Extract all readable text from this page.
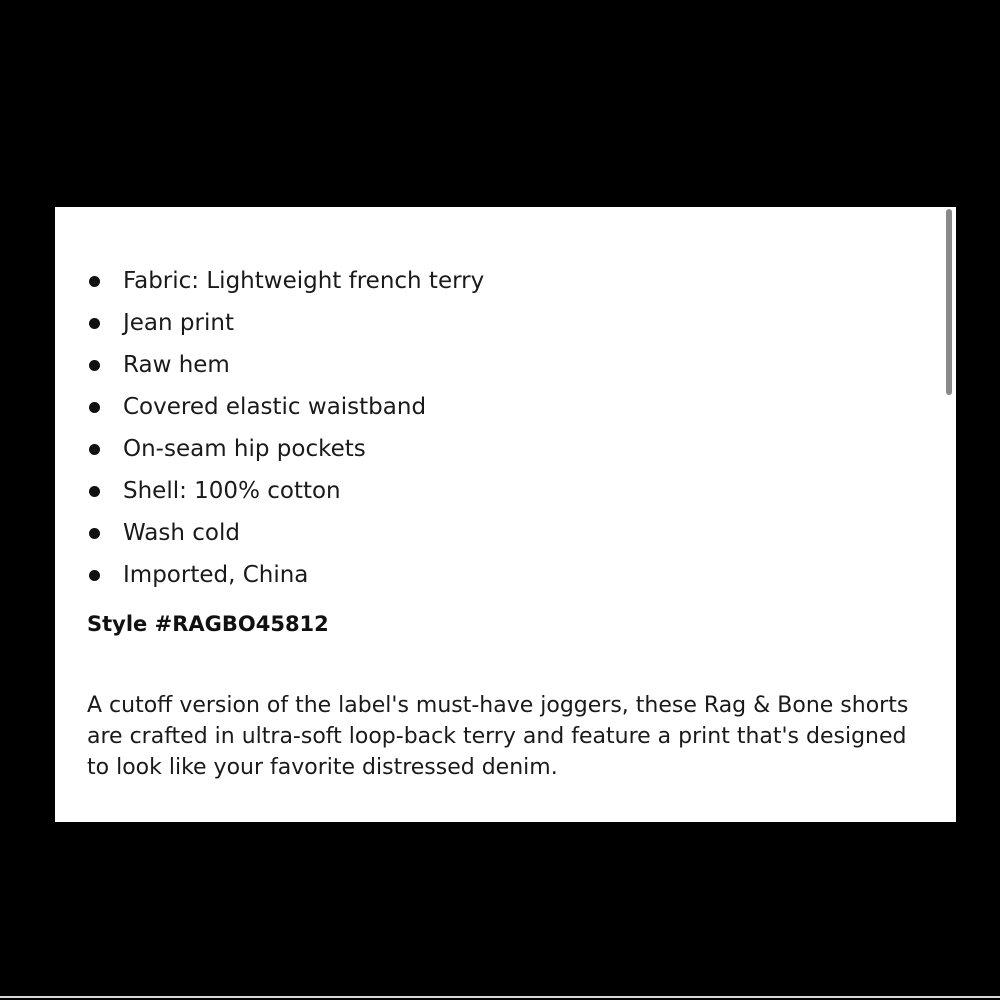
Fabric: Lightweight french terry
Jean print
Raw hem
Covered elastic waistband
On-seam hip pockets
Shell: 100% cotton
Wash cold
Imported, China
Style #RAGBO45812

A cutoff version of the label's must-have joggers, these Rag & Bone shorts are crafted in ultra-soft loop-back terry and feature a print that's designed to look like your favorite distressed denim.
